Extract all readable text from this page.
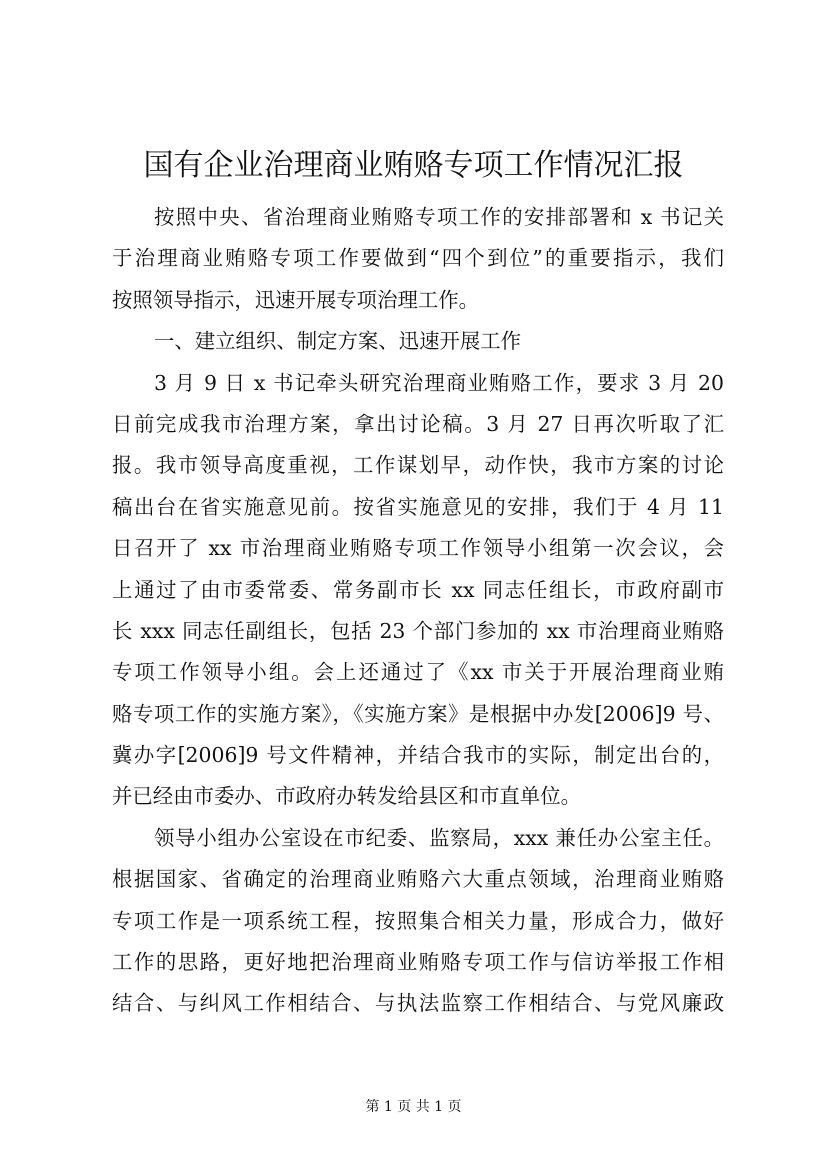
国有企业治理商业贿赂专项工作情况汇报
按照中央、省治理商业贿赂专项工作的安排部署和 x 书记关
于治理商业贿赂专项工作要做到“四个到位”的重要指示，我们
按照领导指示，迅速开展专项治理工作。
一、建立组织、制定方案、迅速开展工作
3 月 9 日 x 书记牵头研究治理商业贿赂工作，要求 3 月 20
日前完成我市治理方案，拿出讨论稿。3 月 27 日再次听取了汇
报。我市领导高度重视，工作谋划早，动作快，我市方案的讨论
稿出台在省实施意见前。按省实施意见的安排，我们于 4 月 11
日召开了 xx 市治理商业贿赂专项工作领导小组第一次会议，会
上通过了由市委常委、常务副市长 xx 同志任组长，市政府副市
长 xxx 同志任副组长，包括 23 个部门参加的 xx 市治理商业贿赂
专项工作领导小组。会上还通过了《xx 市关于开展治理商业贿
赂专项工作的实施方案》，《实施方案》是根据中办发[2006]9 号、
冀办字[2006]9 号文件精神，并结合我市的实际，制定出台的，
并已经由市委办、市政府办转发给县区和市直单位。
领导小组办公室设在市纪委、监察局，xxx 兼任办公室主任。
根据国家、省确定的治理商业贿赂六大重点领域，治理商业贿赂
专项工作是一项系统工程，按照集合相关力量，形成合力，做好
工作的思路，更好地把治理商业贿赂专项工作与信访举报工作相
结合、与纠风工作相结合、与执法监察工作相结合、与党风廉政
第 1 页 共 1 页
